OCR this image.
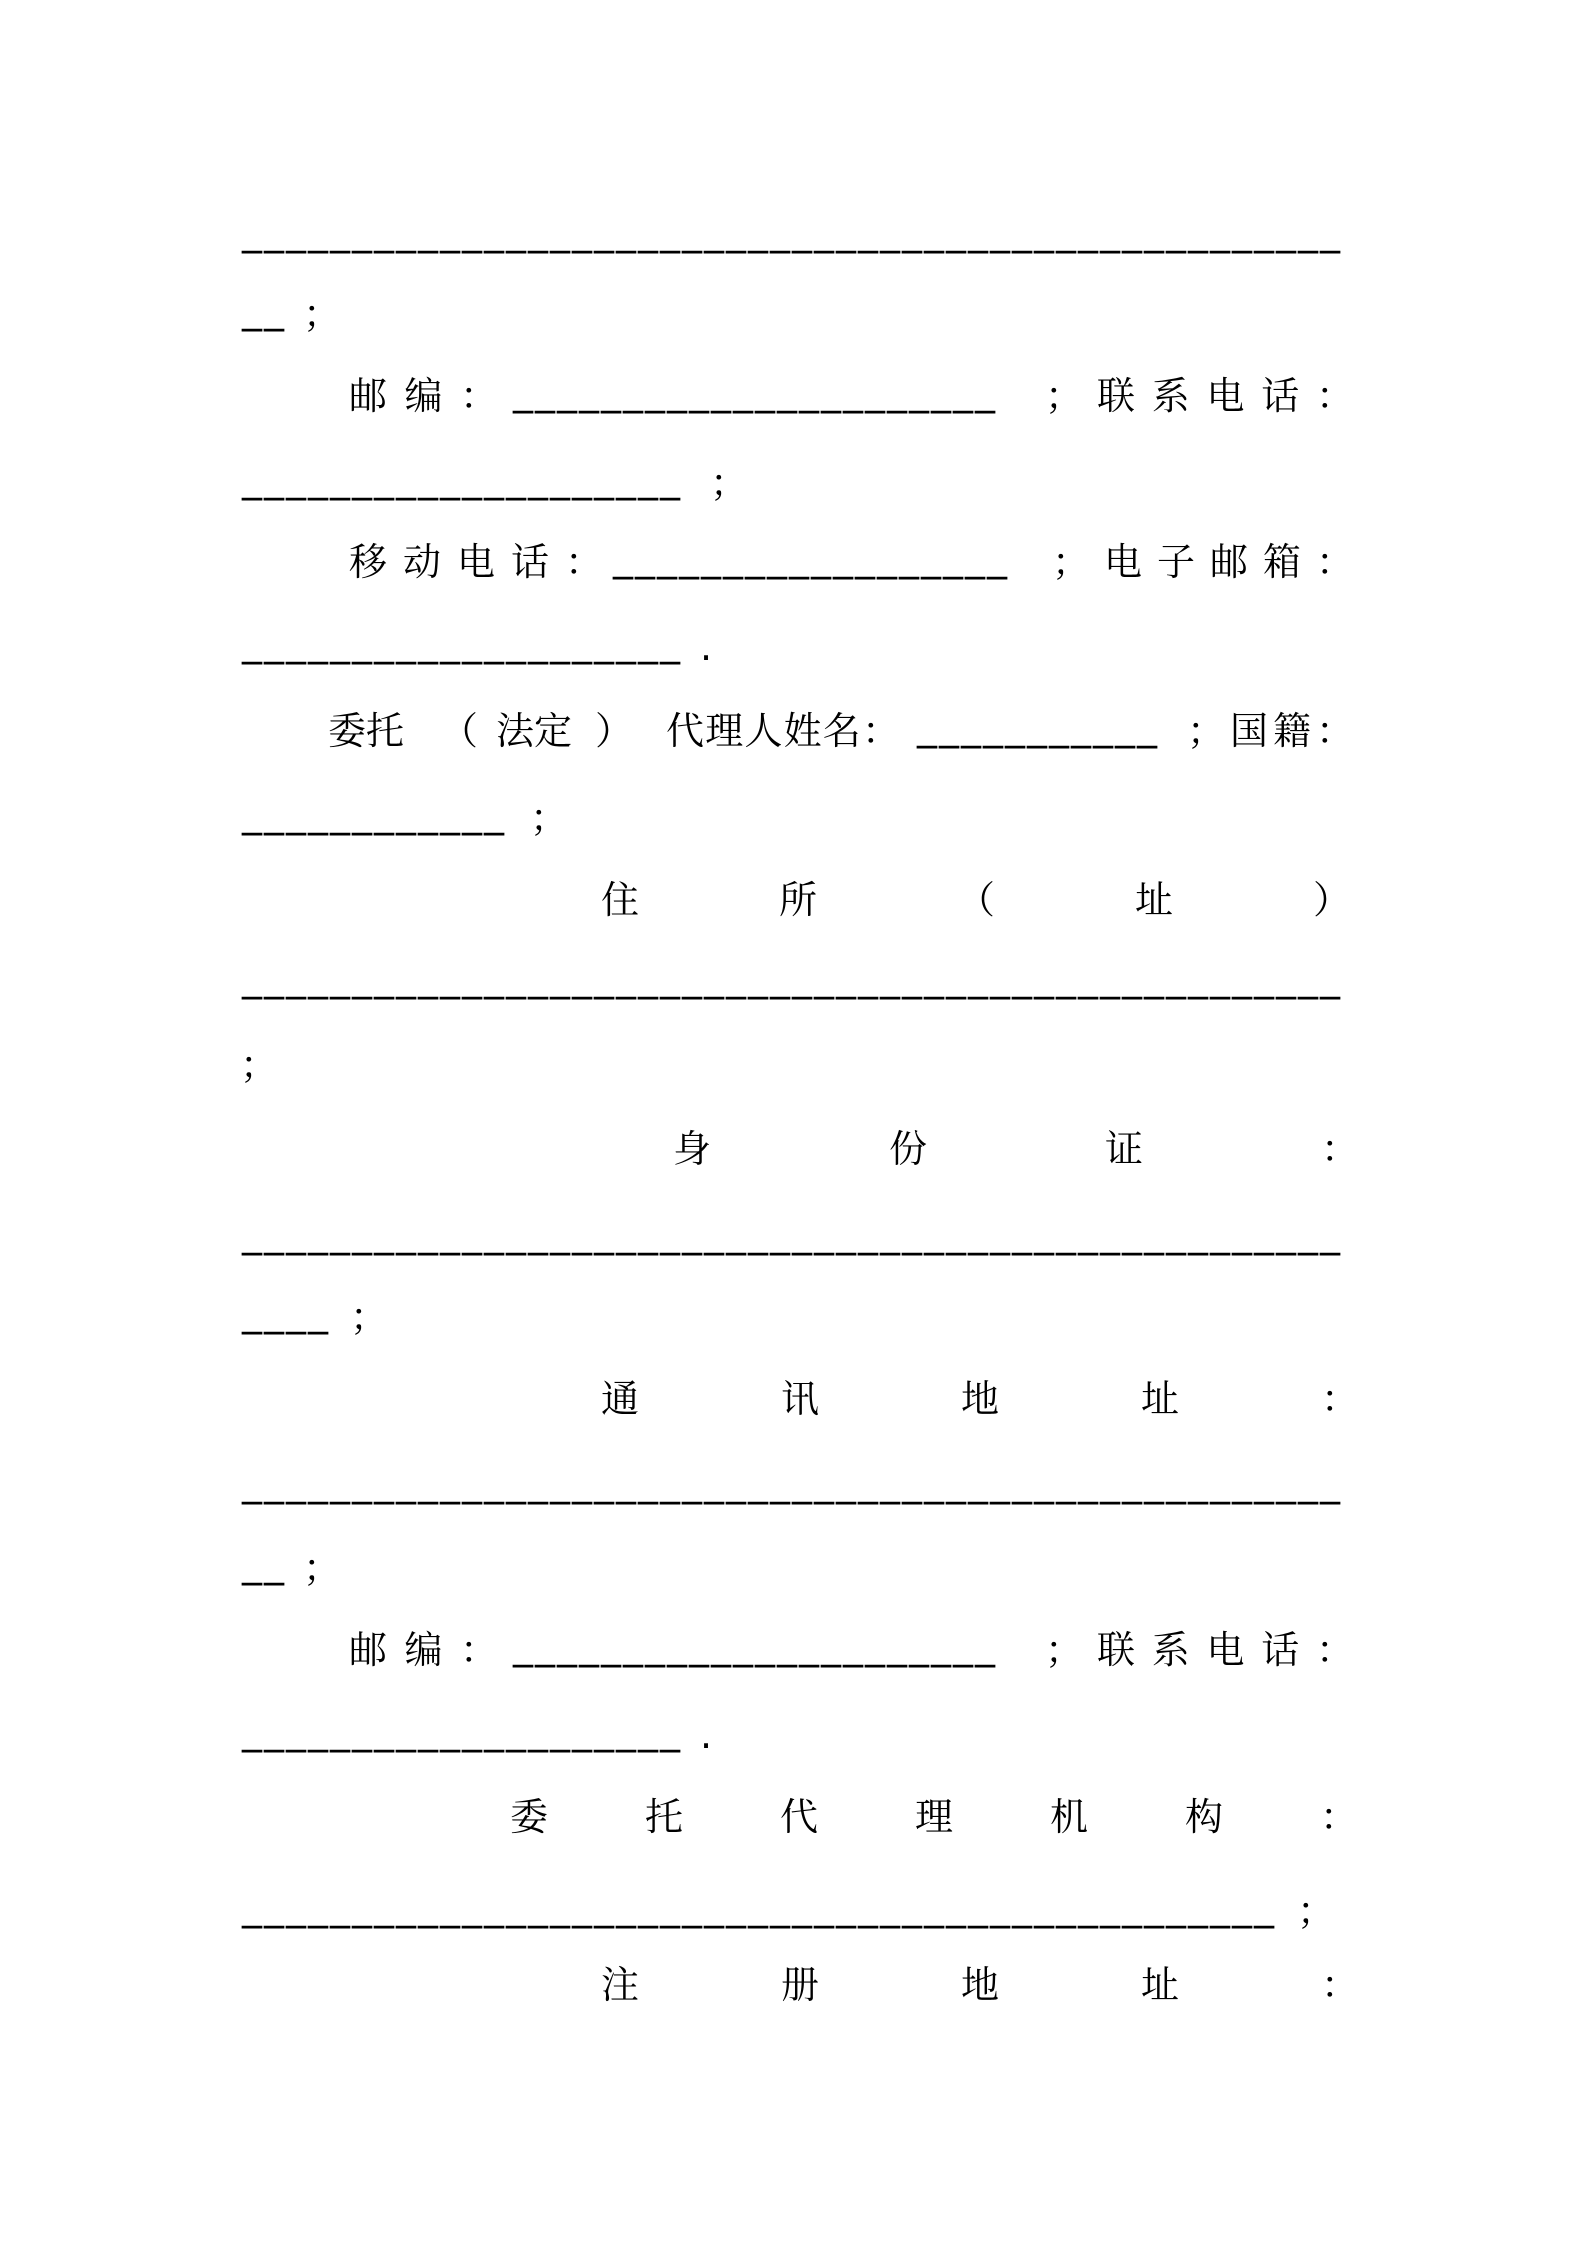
__________________________________________________
__ ；
邮 编 ： ______________________ ； 联 系 电 话 ：
____________________ ；
移 动 电 话 ： __________________ ； 电 子 邮 箱 ：
____________________ .
委 托 （ 法 定 ） 代 理 人 姓 名 ： ___________ ； 国 籍 ：
____________ ；
住	所	（	址	）
__________________________________________________
；
身	份	证	：
__________________________________________________
____ ；
通	讯	地	址	：
__________________________________________________
__ ；
邮 编 ： ______________________ ； 联 系 电 话 ：
____________________ .
委	托	代	理	机	构	：
_______________________________________________ ；
注	册	地	址	：
